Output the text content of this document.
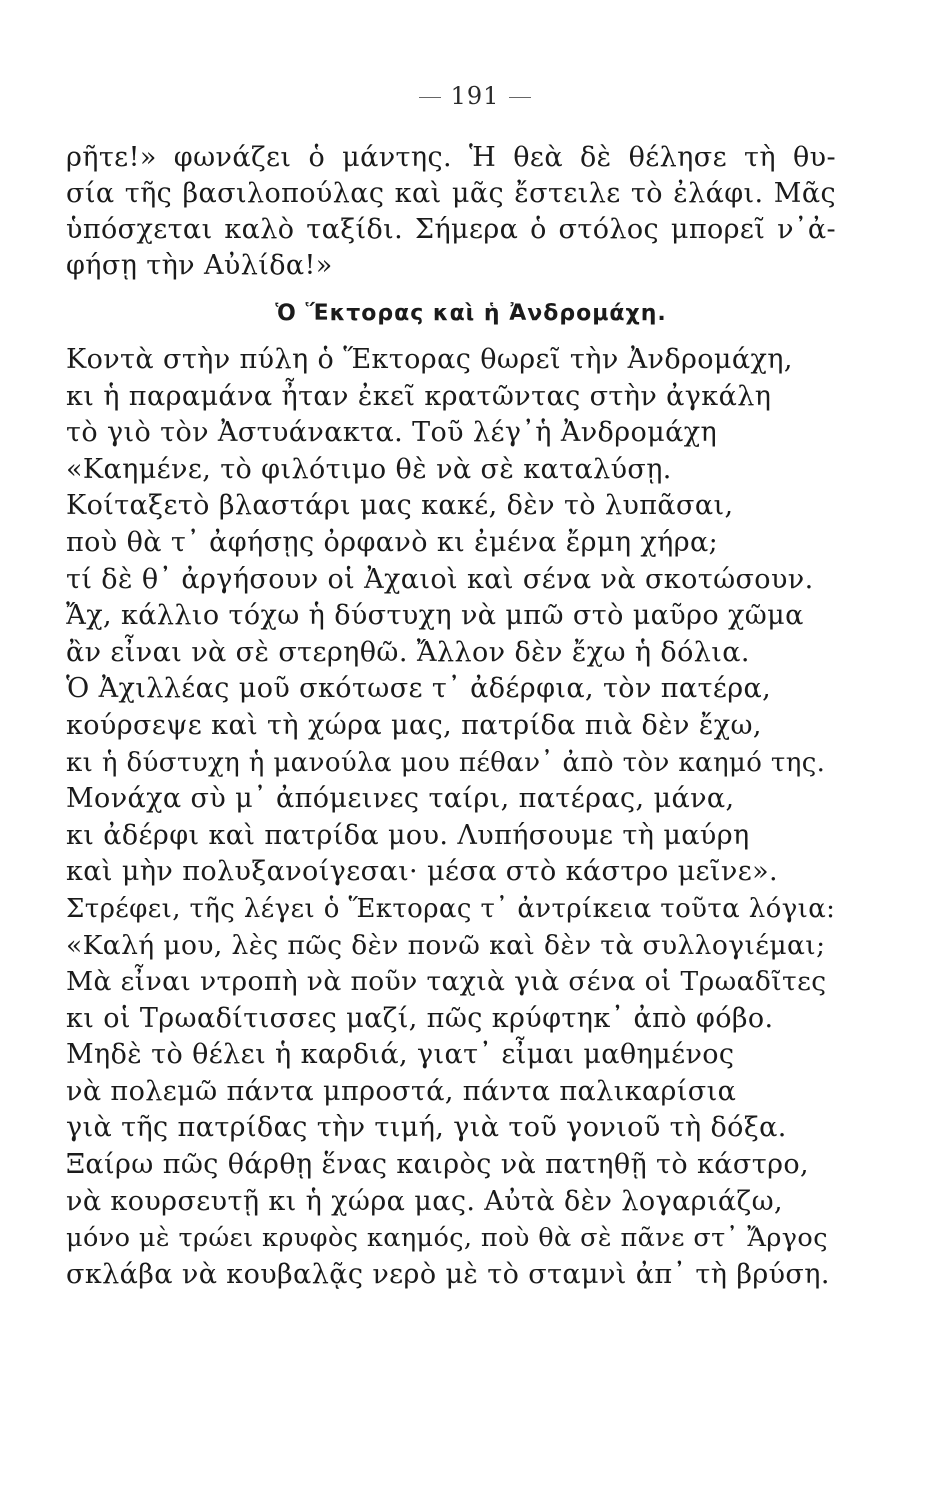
191
ρῆτε!» φωνάζει ὁ μάντης. Ἡ θεὰ δὲ θέλησε τὴ θυ-
σία τῆς βασιλοπούλας καὶ μᾶς ἔστειλε τὸ ἐλάφι. Μᾶς
ὑπόσχεται καλὸ ταξίδι. Σήμερα ὁ στόλος μπορεῖ ν᾽ἀ-
φήσῃ τὴν Αὐλίδα!»
Ὁ Ἕκτορας καὶ ἡ Ἀνδρομάχη.
Κοντὰ στὴν πύλη ὁ Ἕκτορας θωρεῖ τὴν Ἀνδρομάχη,
κι ἡ παραμάνα ἦταν ἐκεῖ κρατῶντας στὴν ἀγκάλη
τὸ γιὸ τὸν Ἀστυάνακτα. Τοῦ λέγ᾽ἡ Ἀνδρομάχη
«Καημένε, τὸ φιλότιμο θὲ νὰ σὲ καταλύσῃ.
Κοίταξετὸ βλαστάρι μας κακέ, δὲν τὸ λυπᾶσαι,
ποὺ θὰ τ᾽ ἀφήσῃς ὀρφανὸ κι ἐμένα ἔρμη χήρα;
τί δὲ θ᾽ ἀργήσουν οἱ Ἀχαιοὶ καὶ σένα νὰ σκοτώσουν.
Ἄχ, κάλλιο τόχω ἡ δύστυχη νὰ μπῶ στὸ μαῦρο χῶμα
ἂν εἶναι νὰ σὲ στερηθῶ. Ἄλλον δὲν ἔχω ἡ δόλια.
Ὁ Ἀχιλλέας μοῦ σκότωσε τ᾽ ἀδέρφια, τὸν πατέρα,
κούρσεψε καὶ τὴ χώρα μας, πατρίδα πιὰ δὲν ἔχω,
κι ἡ δύστυχη ἡ μανούλα μου πέθαν᾽ ἀπὸ τὸν καημό της.
Μονάχα σὺ μ᾽ ἀπόμεινες ταίρι, πατέρας, μάνα,
κι ἀδέρφι καὶ πατρίδα μου. Λυπήσουμε τὴ μαύρη
καὶ μὴν πολυξανοίγεσαι· μέσα στὸ κάστρο μεῖνε».
Στρέφει, τῆς λέγει ὁ Ἕκτορας τ᾽ ἀντρίκεια τοῦτα λόγια:
«Καλή μου, λὲς πῶς δὲν πονῶ καὶ δὲν τὰ συλλογιέμαι;
Μὰ εἶναι ντροπὴ νὰ ποῦν ταχιὰ γιὰ σένα οἱ Τρωαδῖτες
κι οἱ Τρωαδίτισσες μαζί, πῶς κρύφτηκ᾽ ἀπὸ φόβο.
Μηδὲ τὸ θέλει ἡ καρδιά, γιατ᾽ εἶμαι μαθημένος
νὰ πολεμῶ πάντα μπροστά, πάντα παλικαρίσια
γιὰ τῆς πατρίδας τὴν τιμή, γιὰ τοῦ γονιοῦ τὴ δόξα.
Ξαίρω πῶς θάρθῃ ἕνας καιρὸς νὰ πατηθῇ τὸ κάστρο,
νὰ κουρσευτῇ κι ἡ χώρα μας. Αὐτὰ δὲν λογαριάζω,
μόνο μὲ τρώει κρυφὸς καημός, ποὺ θὰ σὲ πᾶνε στ᾽ Ἄργος
σκλάβα νὰ κουβαλᾷς νερὸ μὲ τὸ σταμνὶ ἀπ᾽ τὴ βρύση.
